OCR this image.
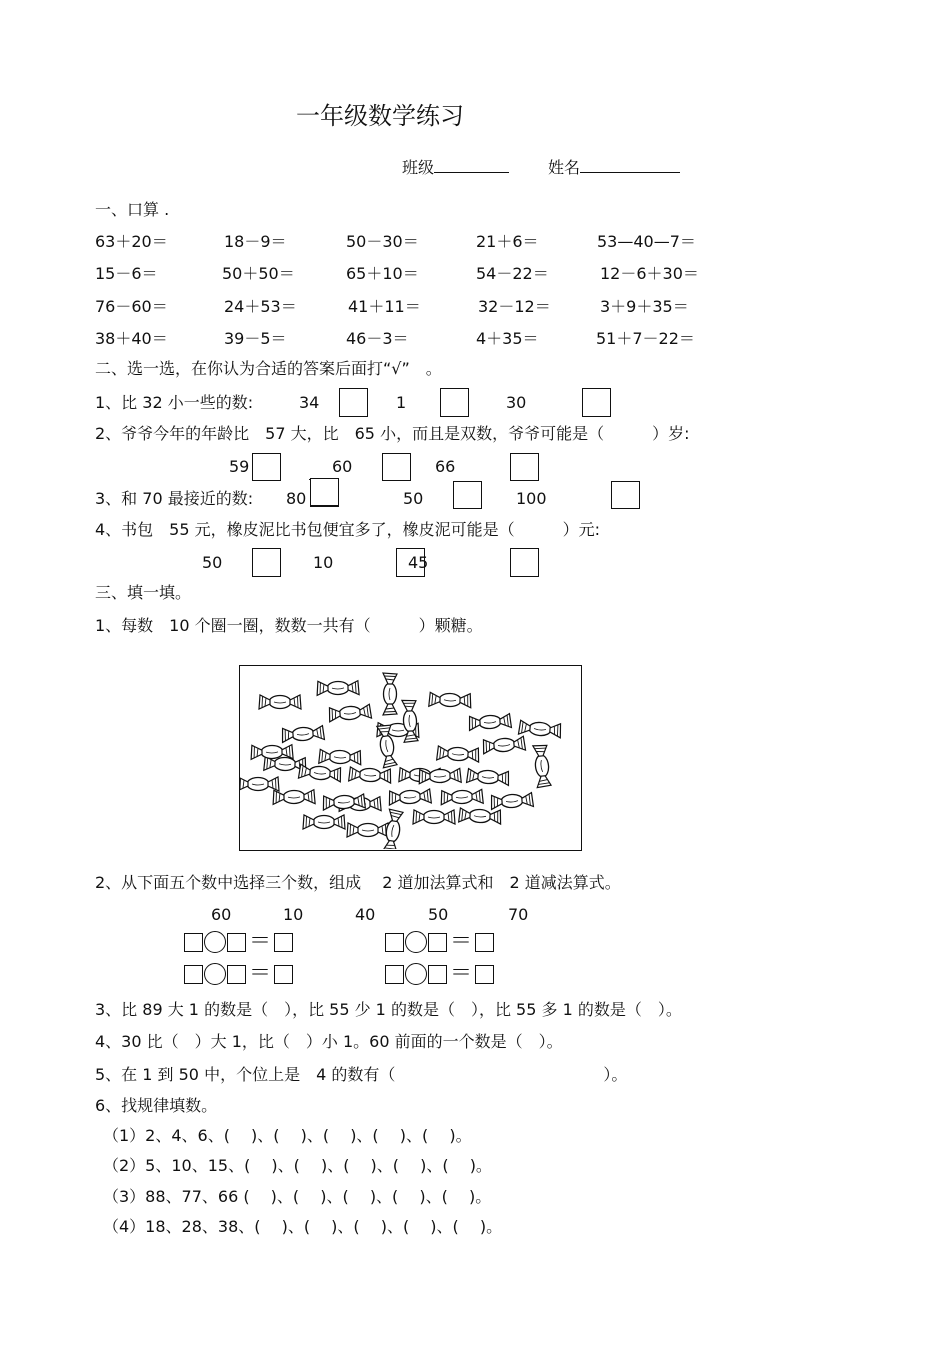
一年级数学练习
班级	姓名
一、口算 .
63＋20＝	18－9＝	50－30＝	21＋6＝	53—40—7＝
15－6＝	50＋50＝	65＋10＝	54－22＝	12－6＋30＝
76－60＝	24＋53＝	41＋11＝	32－12＝	3＋9＋35＝
38＋40＝	39－5＝	46－3＝	4＋35＝	51＋7－22＝
二、选一选，在你认为合适的答案后面打“√”　。
1、比 32 小一些的数:	34	1	30
2、爷爷今年的年龄比　57 大，比　65 小，而且是双数，爷爷可能是（　　　）岁:
59	60	66
3、和 70 最接近的数: 80	50	100
4、书包　55 元，橡皮泥比书包便宜多了，橡皮泥可能是（　　　）元:
50	10	45
三、填一填。
1、每数　10 个圈一圈，数数一共有（　　　）颗糖。
2、从下面五个数中选择三个数，组成　 2 道加法算式和　2 道减法算式。
60	10	40	50	70
＝	＝
＝	＝
3、比 89 大 1 的数是（　），比 55 少 1 的数是（　），比 55 多 1 的数是（　）。
4、30 比（　）大 1，比（　）小 1。60 前面的一个数是（　）。
5、在 1 到 50 中，个位上是　4 的数有（　　　　　　　　　　　　　）。
6、找规律填数。
（1）2、4、6、(　 )、(　 )、(　 )、(　 )、(　 )。
（2）5、10、15、(　 )、(　 )、(　 )、(　 )、(　 )。
（3）88、77、66 (　 )、(　 )、(　 )、(　 )、(　 )。
（4）18、28、38、(　 )、(　 )、(　 )、(　 )、(　 )。
